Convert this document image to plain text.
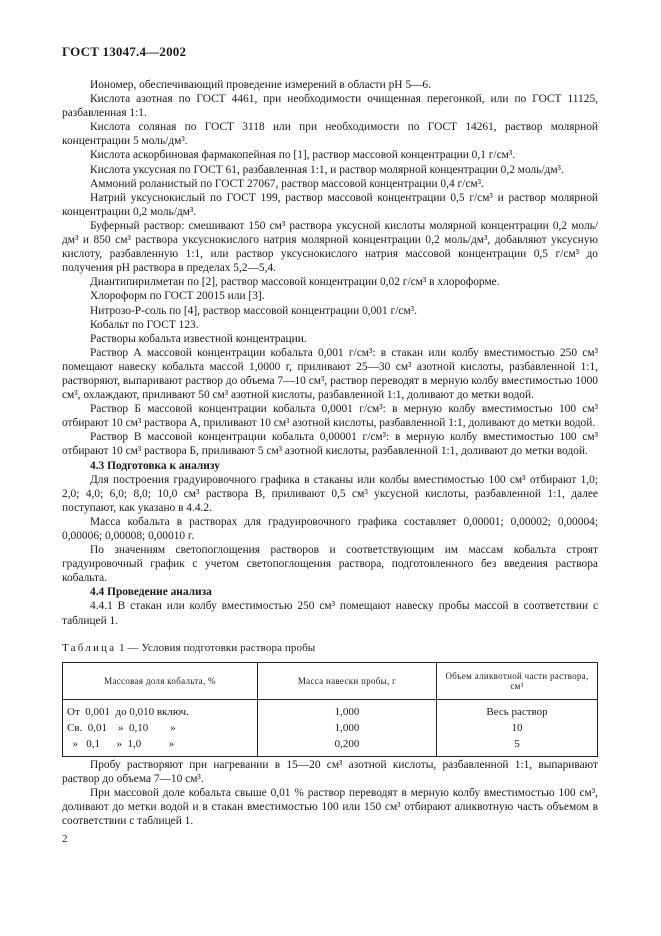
ГОСТ 13047.4—2002

Иономер, обеспечивающий проведение измерений в области pH 5—6.

Кислота азотная по ГОСТ 4461, при необходимости очищенная перегонкой, или по ГОСТ 11125, разбавленная 1:1.

Кислота соляная по ГОСТ 3118 или при необходимости по ГОСТ 14261, раствор молярной концентрации 5 моль/дм³.

Кислота аскорбиновая фармакопейная по [1], раствор массовой концентрации 0,1 г/см³.

Кислота уксусная по ГОСТ 61, разбавленная 1:1, и раствор молярной концентрации 0,2 моль/дм³.

Аммоний роланистый по ГОСТ 27067, раствор массовой концентрации 0,4 г/см³.

Натрий уксуснокислый по ГОСТ 199, раствор массовой концентрации 0,5 г/см³ и раствор молярной концентрации 0,2 моль/дм³.

Буферный раствор: смешивают 150 см³ раствора уксусной кислоты молярной концентрации 0,2 моль/дм³ и 850 см³ раствора уксуснокислого натрия молярной концентрации 0,2 моль/дм³, добавляют уксусную кислоту, разбавленную 1:1, или раствор уксуснокислого натрия массовой концентрации 0,5 г/см³ до получения pH раствора в пределах 5,2—5,4.

Диантипирилметан по [2], раствор массовой концентрации 0,02 г/см³ в хлороформе.

Хлороформ по ГОСТ 20015 или [3].

Нитрозо-Р-соль по [4], раствор массовой концентрации 0,001 г/см³.

Кобальт по ГОСТ 123.

Растворы кобальта известной концентрации.

Раствор А массовой концентрации кобальта 0,001 г/см³: в стакан или колбу вместимостью 250 см³ помещают навеску кобальта массой 1,0000 г, приливают 25—30 см³ азотной кислоты, разбавленной 1:1, растворяют, выпаривают раствор до объема 7—10 см³, раствор переводят в мерную колбу вместимостью 1000 см³, охлаждают, приливают 50 см³ азотной кислоты, разбавленной 1:1, доливают до метки водой.

Раствор Б массовой концентрации кобальта 0,0001 г/см³: в мерную колбу вместимостью 100 см³ отбирают 10 см³ раствора А, приливают 10 см³ азотной кислоты, разбавленной 1:1, доливают до метки водой.

Раствор В массовой концентрации кобальта 0,00001 г/см³: в мерную колбу вместимостью 100 см³ отбирают 10 см³ раствора Б, приливают 5 см³ азотной кислоты, разбавленной 1:1, доливают до метки водой.

4.3 Подготовка к анализу

Для построения градуировочного графика в стаканы или колбы вместимостью 100 см³ отбирают 1,0; 2,0; 4,0; 6,0; 8,0; 10,0 см³ раствора В, приливают 0,5 см³ уксусной кислоты, разбавленной 1:1, далее поступают, как указано в 4.4.2.

Масса кобальта в растворах для градуировочного графика составляет 0,00001; 0,00002; 0,00004; 0,00006; 0,00008; 0,00010 г.

По значениям светопоглощения растворов и соответствующим им массам кобальта строят градуировочный график с учетом светопоглощения раствора, подготовленного без введения раствора кобальта.

4.4 Проведение анализа

4.4.1 В стакан или колбу вместимостью 250 см³ помещают навеску пробы массой в соответствии с таблицей 1.

Таблица 1 — Условия подготовки раствора пробы
Массовая доля кобальта, %	Масса навески пробы, г	Объем аликвотной части раствора, см³

От  0,001  до 0,010 включ.	1,000	Весь раствор
Св.  0,01    »  0,10        »	1,000	10
»   0,1      »  1,0          »	0,200	5

Пробу растворяют при нагревании в 15—20 см³ азотной кислоты, разбавленной 1:1, выпаривают раствор до объема 7—10 см³.

При массовой доле кобальта свыше 0,01 % раствор переводят в мерную колбу вместимостью 100 см³, доливают до метки водой и в стакан вместимостью 100 или 150 см³ отбирают аликвотную часть объемом в соответствии с таблицей 1.

2
